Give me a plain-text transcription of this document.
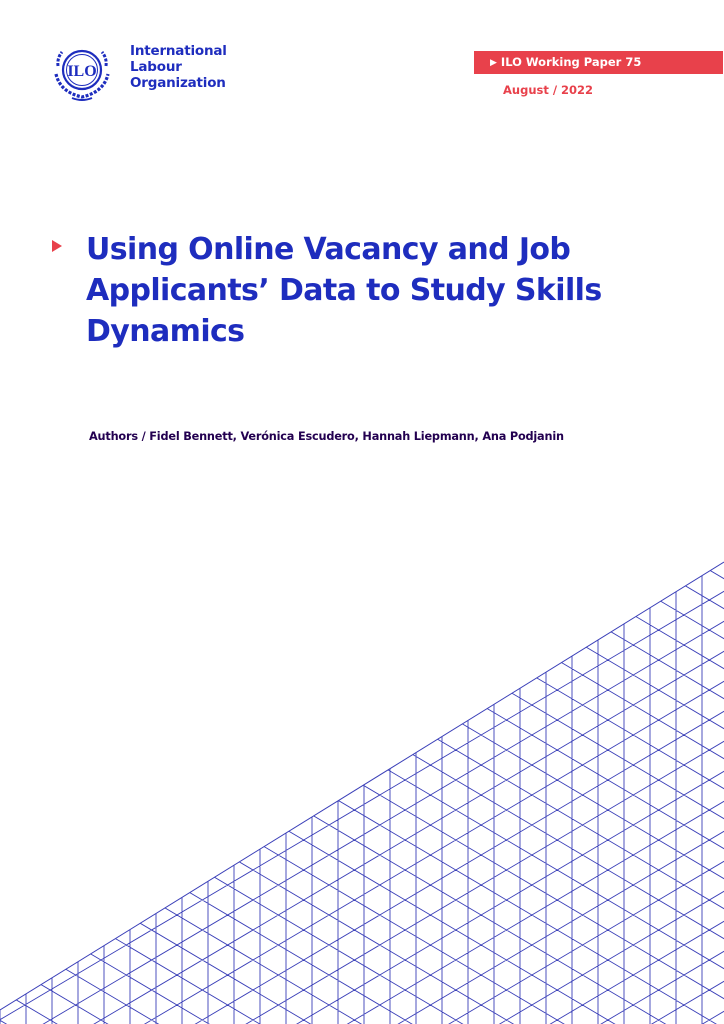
ILO
International
Labour
Organization
▶ ILO Working Paper 75
August / 2022
Using Online Vacancy and Job Applicants’ Data to Study Skills Dynamics
Authors / Fidel Bennett, Verónica Escudero, Hannah Liepmann, Ana Podjanin
